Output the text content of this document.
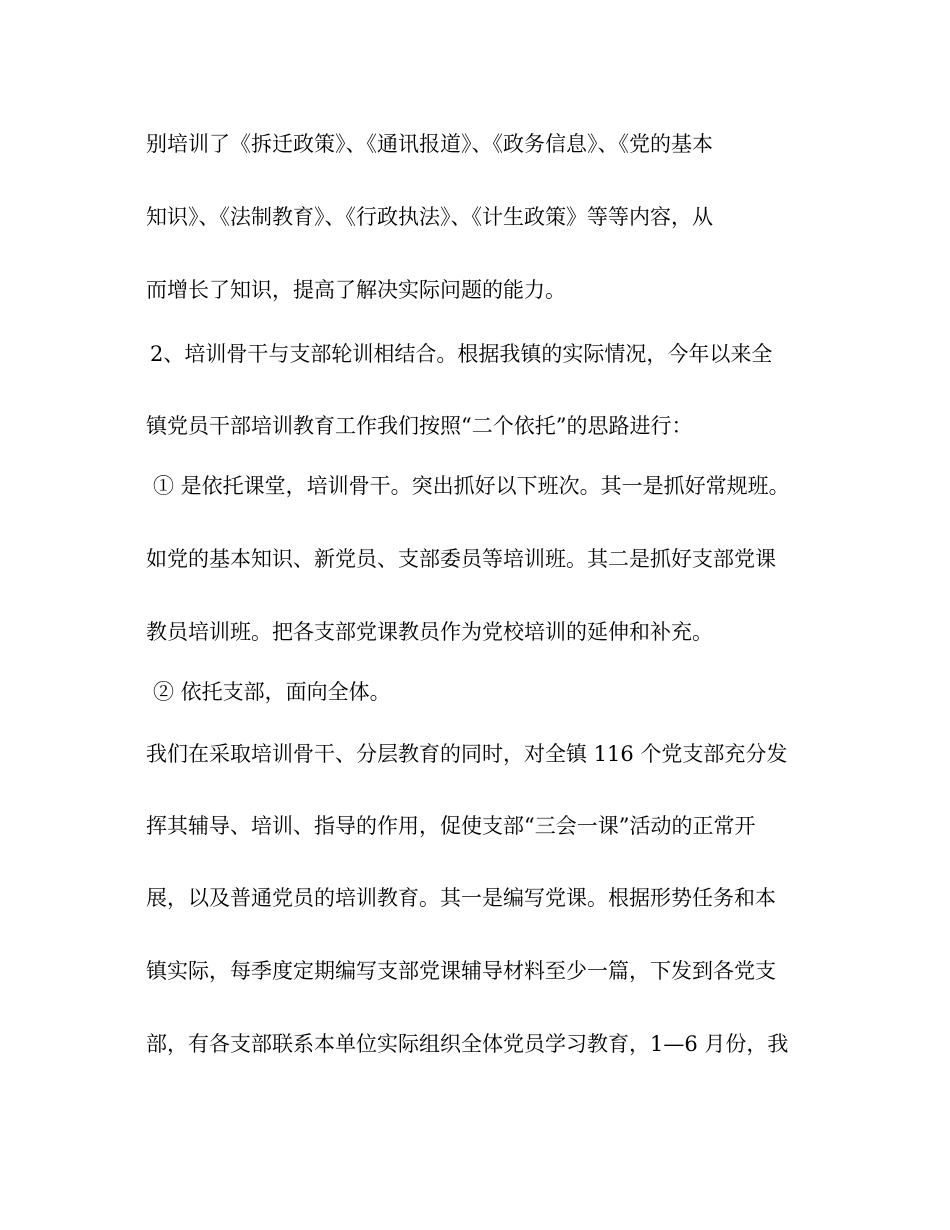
别培训了《拆迁政策》、《通讯报道》、《政务信息》、《党的基本
知识》、《法制教育》、《行政执法》、《计生政策》等等内容，从
而增长了知识，提高了解决实际问题的能力。
2、培训骨干与支部轮训相结合。根据我镇的实际情况，今年以来全
镇党员干部培训教育工作我们按照“二个依托”的思路进行：
① 是依托课堂，培训骨干。突出抓好以下班次。其一是抓好常规班。
如党的基本知识、新党员、支部委员等培训班。其二是抓好支部党课
教员培训班。把各支部党课教员作为党校培训的延伸和补充。
② 依托支部，面向全体。
我们在采取培训骨干、分层教育的同时，对全镇 116 个党支部充分发
挥其辅导、培训、指导的作用，促使支部“三会一课”活动的正常开
展，以及普通党员的培训教育。其一是编写党课。根据形势任务和本
镇实际，每季度定期编写支部党课辅导材料至少一篇，下发到各党支
部，有各支部联系本单位实际组织全体党员学习教育，1—6 月份，我
